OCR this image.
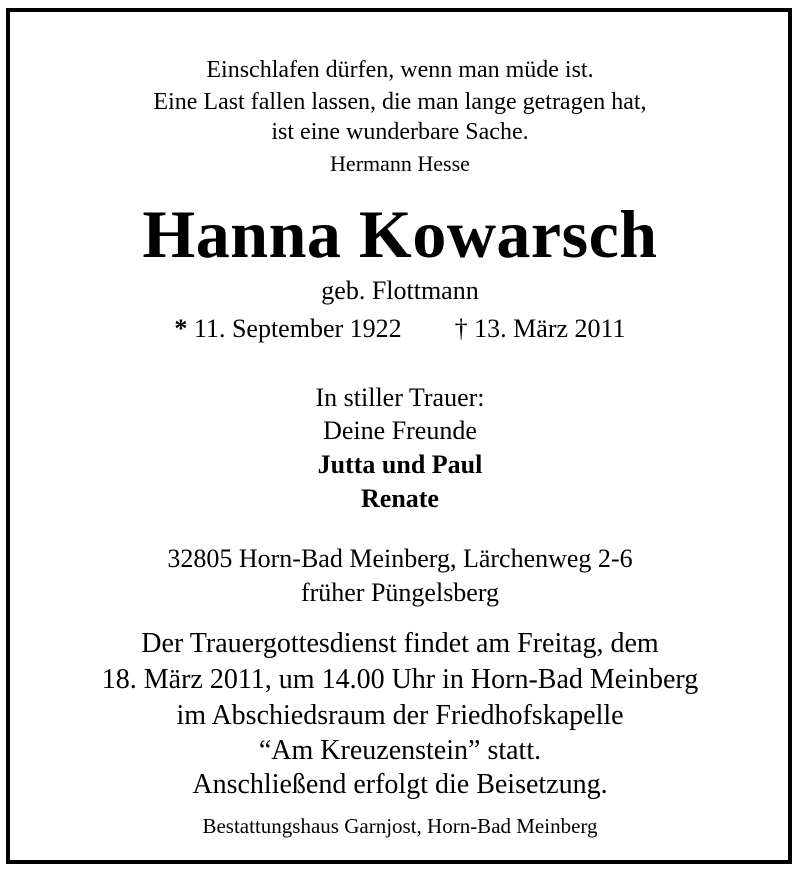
Einschlafen dürfen, wenn man müde ist.
Eine Last fallen lassen, die man lange getragen hat,
ist eine wunderbare Sache.
Hermann Hesse
Hanna Kowarsch
geb. Flottmann
* 11. September 1922 † 13. März 2011
In stiller Trauer:
Deine Freunde
Jutta und Paul
Renate
32805 Horn-Bad Meinberg, Lärchenweg 2-6
früher Püngelsberg
Der Trauergottesdienst findet am Freitag, dem
18. März 2011, um 14.00 Uhr in Horn-Bad Meinberg
im Abschiedsraum der Friedhofskapelle
“Am Kreuzenstein” statt.
Anschließend erfolgt die Beisetzung.
Bestattungshaus Garnjost, Horn-Bad Meinberg
